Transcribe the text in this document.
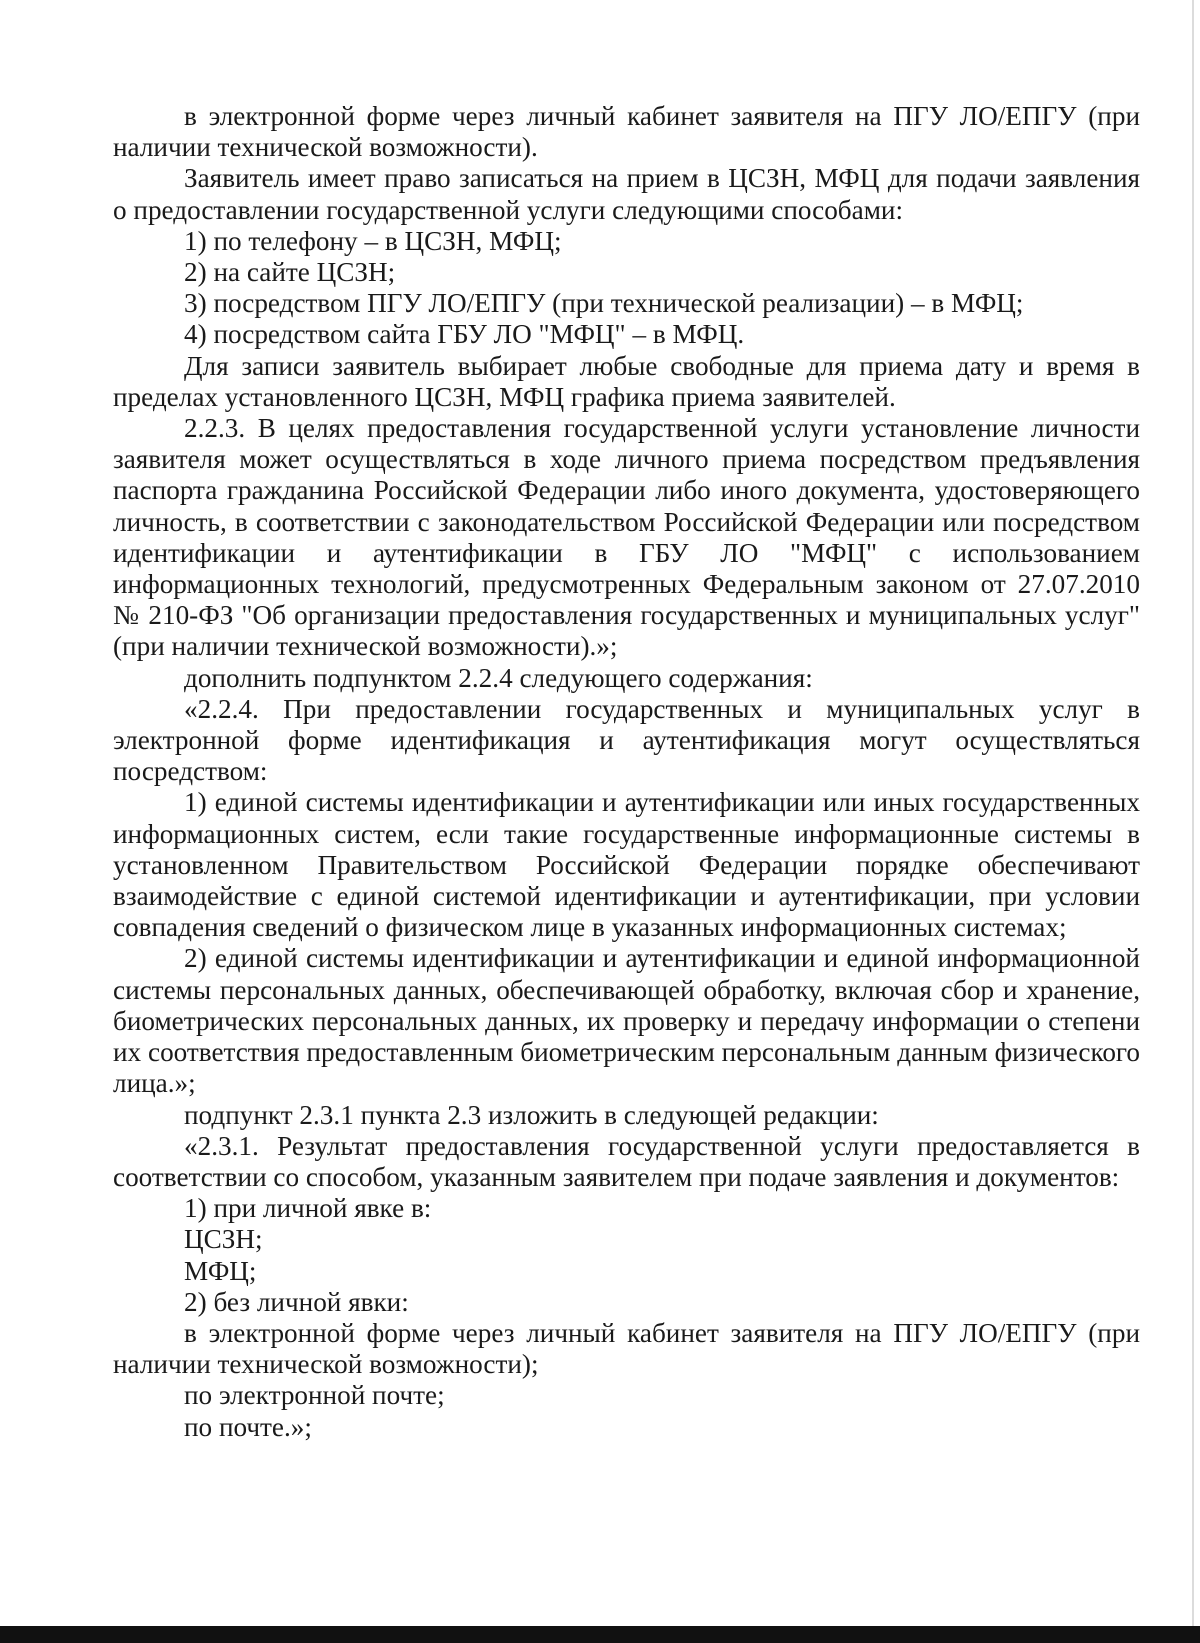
в электронной форме через личный кабинет заявителя на ПГУ ЛО/ЕПГУ (при наличии технической возможности).

Заявитель имеет право записаться на прием в ЦСЗН, МФЦ для подачи заявления о предоставлении государственной услуги следующими способами:

1) по телефону – в ЦСЗН, МФЦ;

2) на сайте ЦСЗН;

3) посредством ПГУ ЛО/ЕПГУ (при технической реализации) – в МФЦ;

4) посредством сайта ГБУ ЛО "МФЦ" – в МФЦ.

Для записи заявитель выбирает любые свободные для приема дату и время в пределах установленного ЦСЗН, МФЦ графика приема заявителей.

2.2.3. В целях предоставления государственной услуги установление личности заявителя может осуществляться в ходе личного приема посредством предъявления паспорта гражданина Российской Федерации либо иного документа, удостоверяющего личность, в соответствии с законодательством Российской Федерации или посредством идентификации и аутентификации в ГБУ ЛО "МФЦ" с использованием информационных технологий, предусмотренных Федеральным законом от 27.07.2010 № 210-ФЗ "Об организации предоставления государственных и муниципальных услуг" (при наличии технической возможности).»;

дополнить подпунктом 2.2.4 следующего содержания:

«2.2.4. При предоставлении государственных и муниципальных услуг в электронной форме идентификация и аутентификация могут осуществляться посредством:

1) единой системы идентификации и аутентификации или иных государственных информационных систем, если такие государственные информационные системы в установленном Правительством Российской Федерации порядке обеспечивают взаимодействие с единой системой идентификации и аутентификации, при условии совпадения сведений о физическом лице в указанных информационных системах;

2) единой системы идентификации и аутентификации и единой информационной системы персональных данных, обеспечивающей обработку, включая сбор и хранение, биометрических персональных данных, их проверку и передачу информации о степени их соответствия предоставленным биометрическим персональным данным физического лица.»;

подпункт 2.3.1 пункта 2.3 изложить в следующей редакции:

«2.3.1. Результат предоставления государственной услуги предоставляется в соответствии со способом, указанным заявителем при подаче заявления и документов:

1) при личной явке в:

ЦСЗН;

МФЦ;

2) без личной явки:

в электронной форме через личный кабинет заявителя на ПГУ ЛО/ЕПГУ (при наличии технической возможности);

по электронной почте;

по почте.»;
